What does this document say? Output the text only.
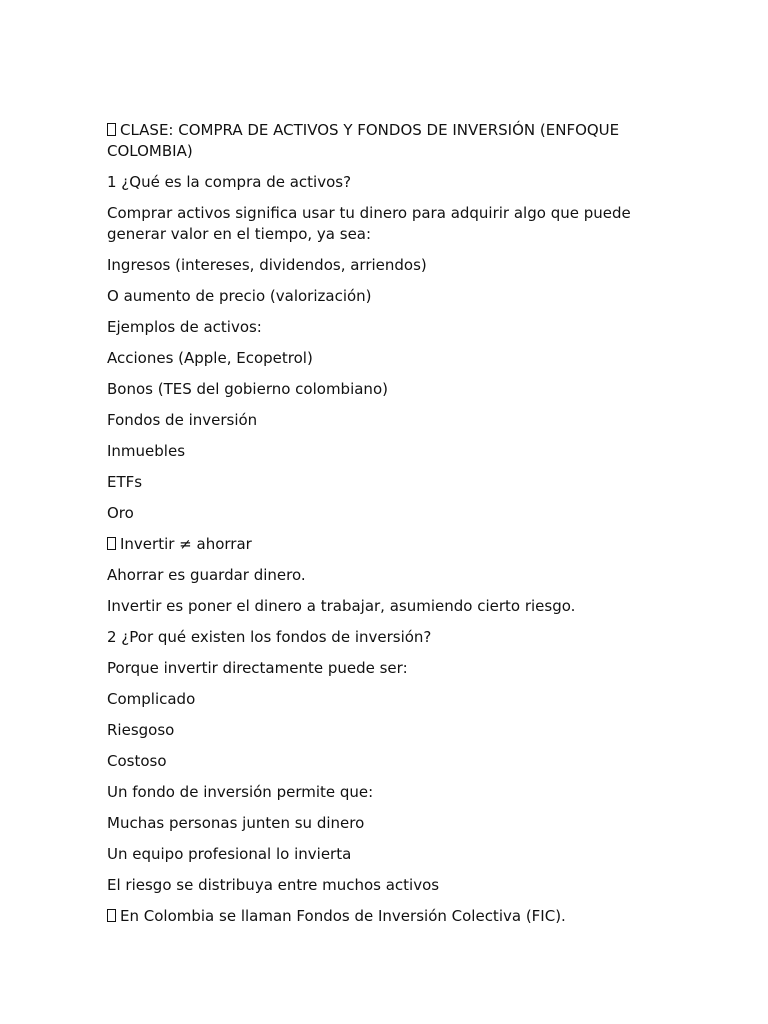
CLASE: COMPRA DE ACTIVOS Y FONDOS DE INVERSIÓN (ENFOQUE COLOMBIA)

1 ¿Qué es la compra de activos?

Comprar activos significa usar tu dinero para adquirir algo que puede generar valor en el tiempo, ya sea:

Ingresos (intereses, dividendos, arriendos)

O aumento de precio (valorización)

Ejemplos de activos:

Acciones (Apple, Ecopetrol)

Bonos (TES del gobierno colombiano)

Fondos de inversión

Inmuebles

ETFs

Oro

Invertir ≠ ahorrar

Ahorrar es guardar dinero.

Invertir es poner el dinero a trabajar, asumiendo cierto riesgo.

2 ¿Por qué existen los fondos de inversión?

Porque invertir directamente puede ser:

Complicado

Riesgoso

Costoso

Un fondo de inversión permite que:

Muchas personas junten su dinero

Un equipo profesional lo invierta

El riesgo se distribuya entre muchos activos

En Colombia se llaman Fondos de Inversión Colectiva (FIC).
